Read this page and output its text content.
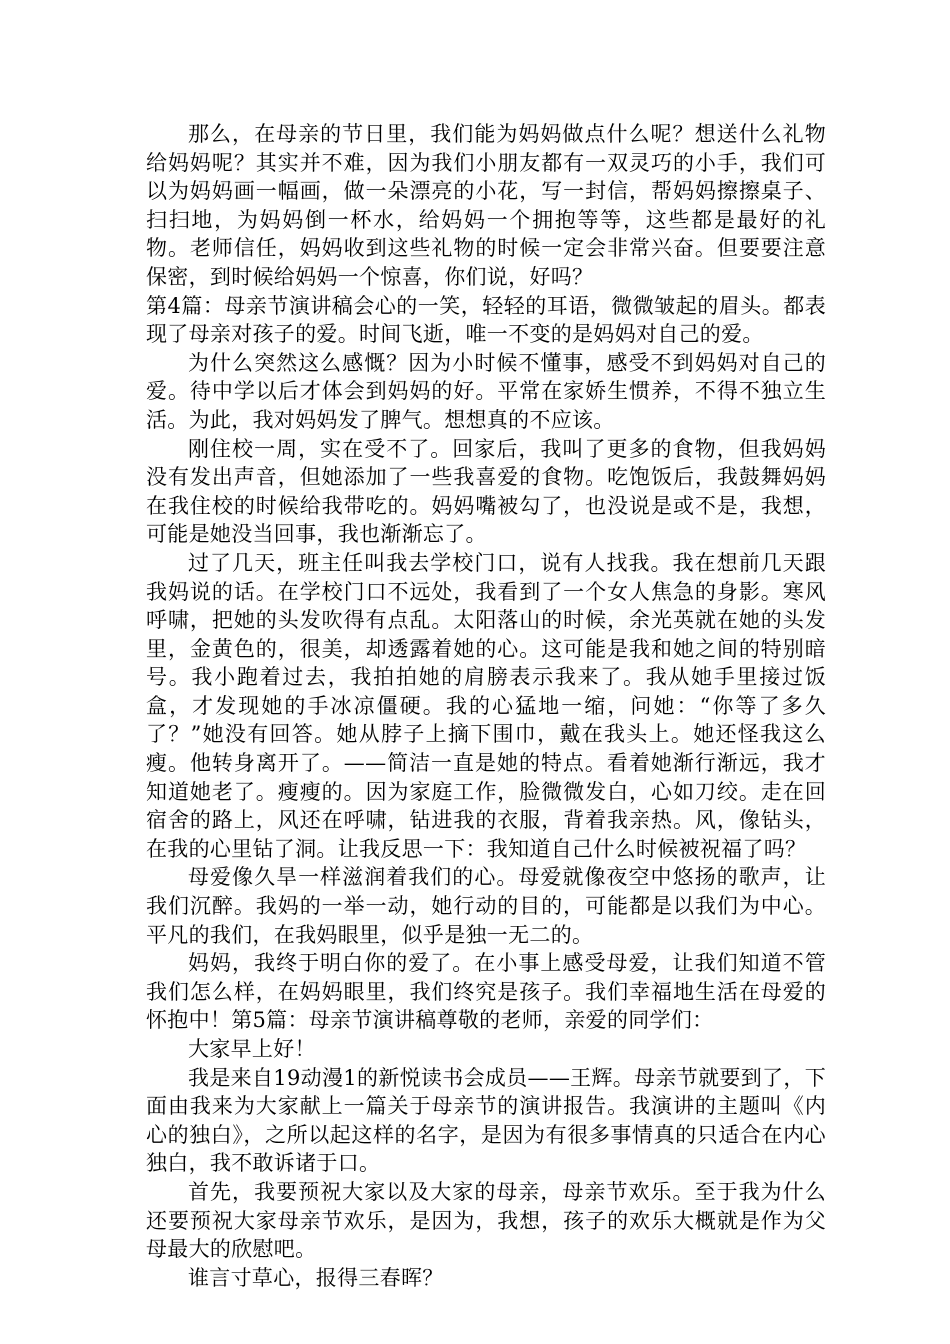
那么，在母亲的节日里，我们能为妈妈做点什么呢？想送什么礼物给妈妈呢？其实并不难，因为我们小朋友都有一双灵巧的小手，我们可以为妈妈画一幅画，做一朵漂亮的小花，写一封信，帮妈妈擦擦桌子、扫扫地，为妈妈倒一杯水，给妈妈一个拥抱等等，这些都是最好的礼物。老师信任，妈妈收到这些礼物的时候一定会非常兴奋。但要要注意保密，到时候给妈妈一个惊喜，你们说，好吗？

第4篇：母亲节演讲稿会心的一笑，轻轻的耳语，微微皱起的眉头。都表现了母亲对孩子的爱。时间飞逝，唯一不变的是妈妈对自己的爱。

为什么突然这么感慨？因为小时候不懂事，感受不到妈妈对自己的爱。待中学以后才体会到妈妈的好。平常在家娇生惯养，不得不独立生活。为此，我对妈妈发了脾气。想想真的不应该。

刚住校一周，实在受不了。回家后，我叫了更多的食物，但我妈妈没有发出声音，但她添加了一些我喜爱的食物。吃饱饭后，我鼓舞妈妈在我住校的时候给我带吃的。妈妈嘴被勾了，也没说是或不是，我想，可能是她没当回事，我也渐渐忘了。

过了几天，班主任叫我去学校门口，说有人找我。我在想前几天跟我妈说的话。在学校门口不远处，我看到了一个女人焦急的身影。寒风呼啸，把她的头发吹得有点乱。太阳落山的时候，余光英就在她的头发里，金黄色的，很美，却透露着她的心。这可能是我和她之间的特别暗号。我小跑着过去，我拍拍她的肩膀表示我来了。我从她手里接过饭盒，才发现她的手冰凉僵硬。我的心猛地一缩，问她：“你等了多久了？”她没有回答。她从脖子上摘下围巾，戴在我头上。她还怪我这么瘦。他转身离开了。——简洁一直是她的特点。看着她渐行渐远，我才知道她老了。瘦瘦的。因为家庭工作，脸微微发白，心如刀绞。走在回宿舍的路上，风还在呼啸，钻进我的衣服，背着我亲热。风，像钻头，在我的心里钻了洞。让我反思一下：我知道自己什么时候被祝福了吗？

母爱像久旱一样滋润着我们的心。母爱就像夜空中悠扬的歌声，让我们沉醉。我妈的一举一动，她行动的目的，可能都是以我们为中心。平凡的我们，在我妈眼里，似乎是独一无二的。

妈妈，我终于明白你的爱了。在小事上感受母爱，让我们知道不管我们怎么样，在妈妈眼里，我们终究是孩子。我们幸福地生活在母爱的怀抱中！第5篇：母亲节演讲稿尊敬的老师，亲爱的同学们：

大家早上好！

我是来自19动漫1的新悦读书会成员——王辉。母亲节就要到了，下面由我来为大家献上一篇关于母亲节的演讲报告。我演讲的主题叫《内心的独白》，之所以起这样的名字，是因为有很多事情真的只适合在内心独白，我不敢诉诸于口。

首先，我要预祝大家以及大家的母亲，母亲节欢乐。至于我为什么还要预祝大家母亲节欢乐，是因为，我想，孩子的欢乐大概就是作为父母最大的欣慰吧。

谁言寸草心，报得三春晖？
